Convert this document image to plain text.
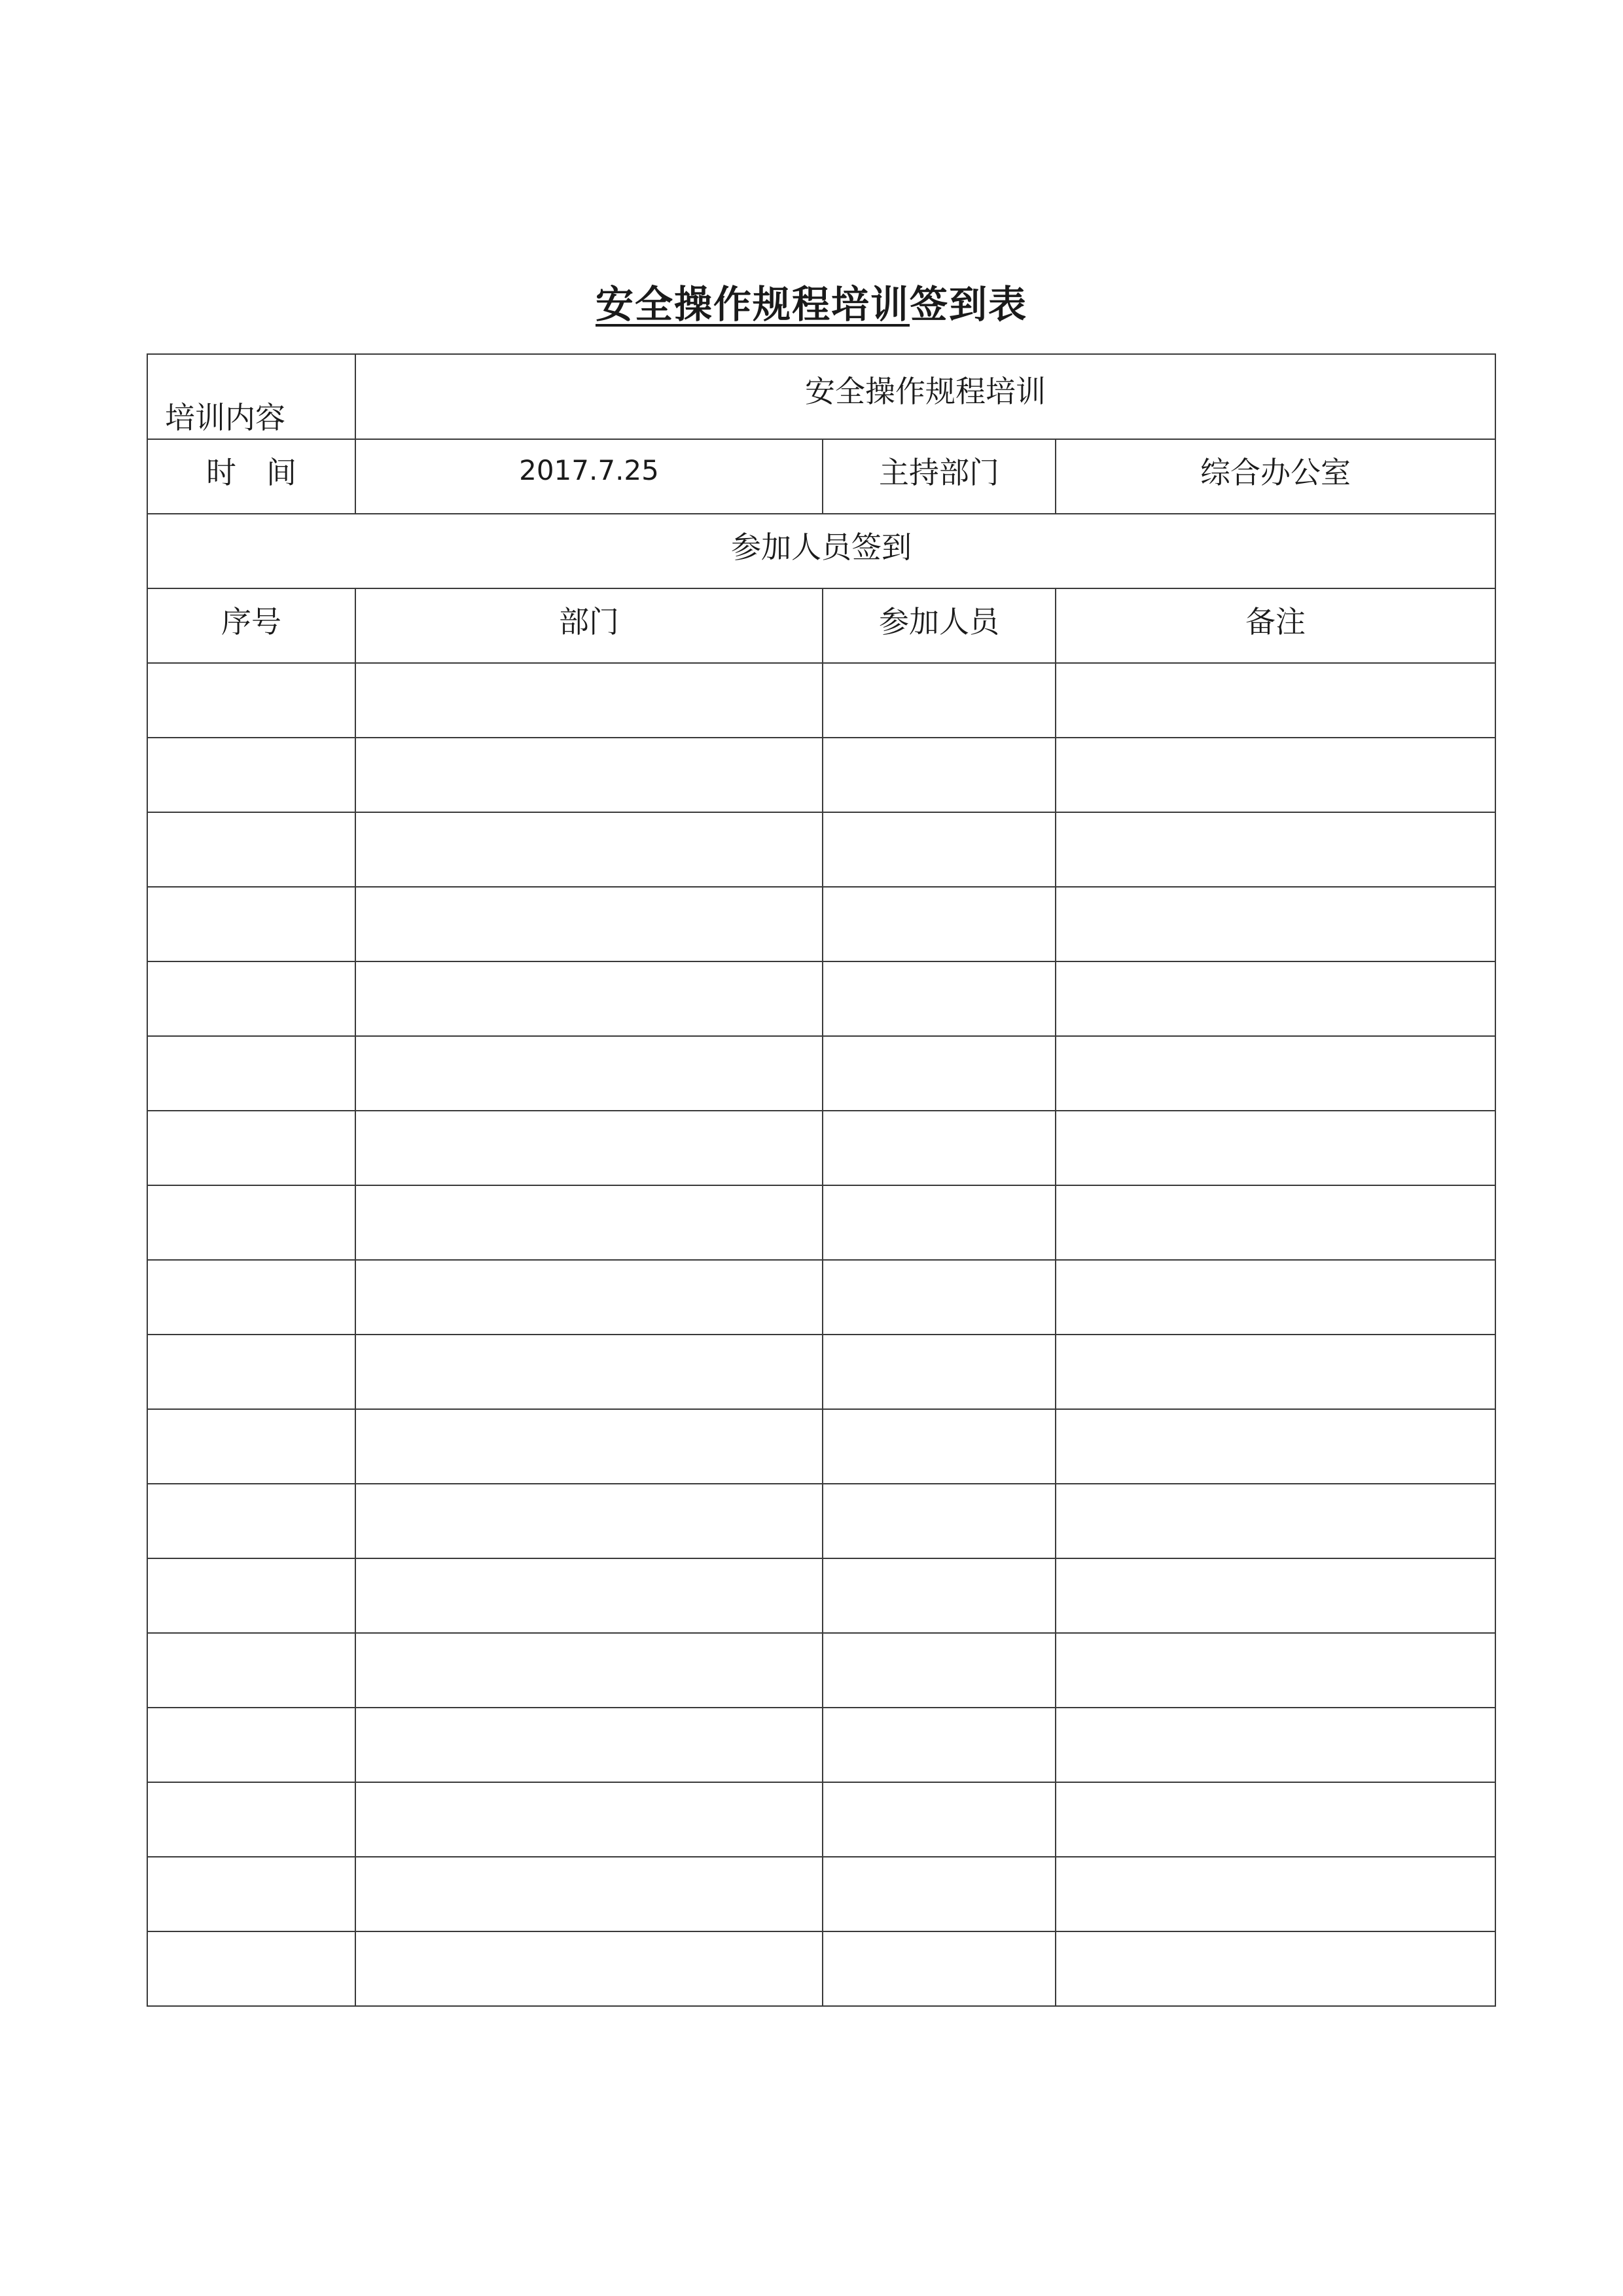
安全操作规程培训签到表
培训内容	安全操作规程培训		
时　间	2017.7.25	主持部门	综合办公室
参加人员签到			
序号	部门	参加人员	备注
